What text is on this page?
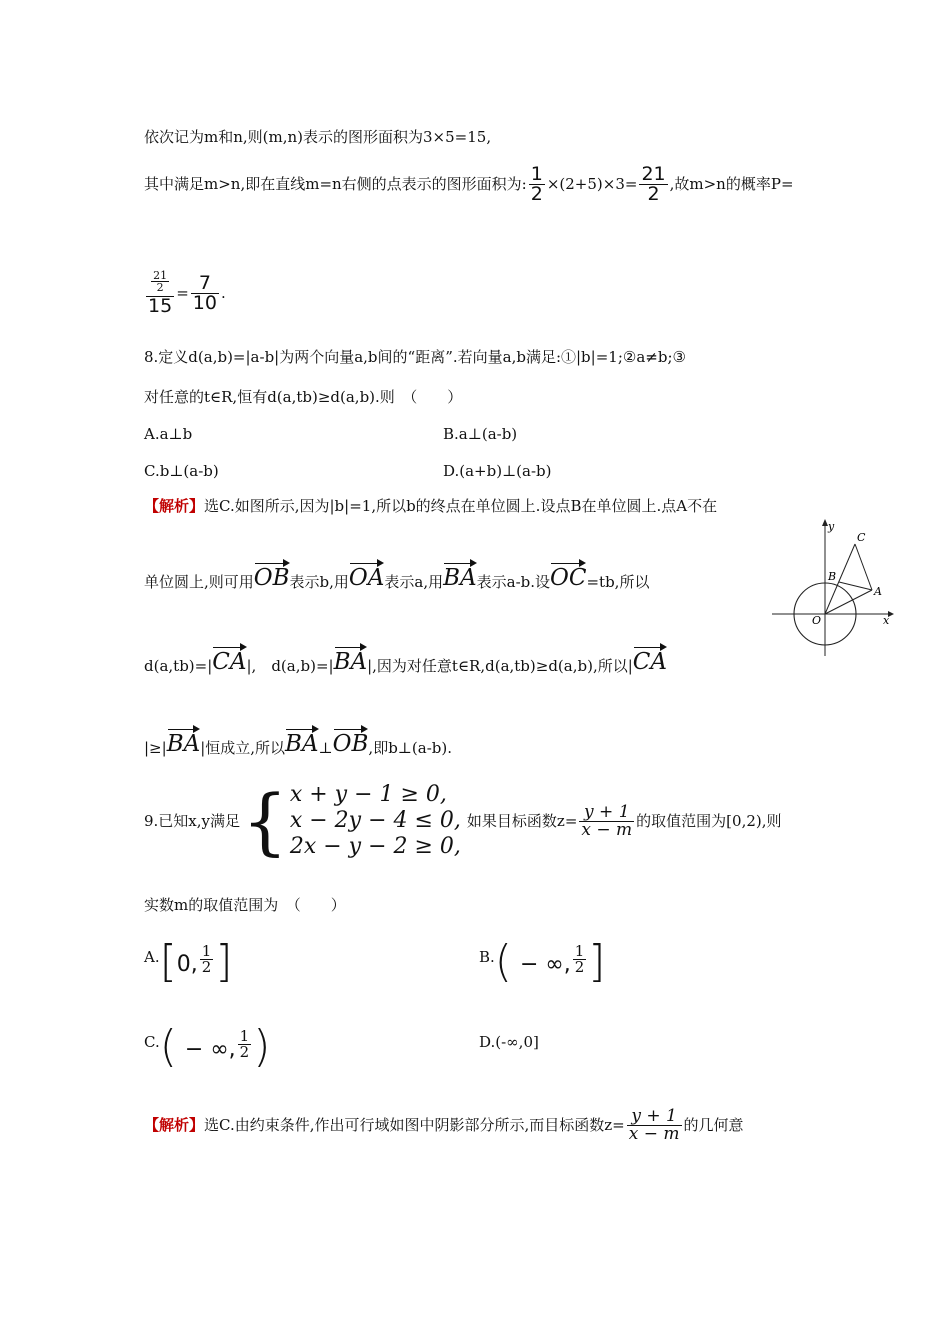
依次记为m和n,则(m,n)表示的图形面积为3×5=15,
其中满足m>n,即在直线m=n右侧的点表示的图形面积为: $\frac{1}{2} \times(2+5)\times 3= \frac{21}{2}$ ,故m>n的概率P=
$\frac{\frac{21}{2}}{15} = \frac{7}{10}$ .
8.定义d(a,b)=|a-b|为两个向量a,b间的“距离”.若向量a,b满足:①|b|=1;②a≠b;③
对任意的t∈R,恒有d(a,tb)≥d(a,b).则　（　　）
A.a⊥b	B.a⊥(a-b)
C.b⊥(a-b)	D.(a+b)⊥(a-b)
【解析】选C.如图所示,因为|b|=1,所以b的终点在单位圆上.设点B在单位圆上.点A不在
单位圆上,则可用 OB 表示b,用 OA 表示a,用 BA 表示a-b.设 OC =tb,所以
d(a,tb)=| CA |,　d(a,b)=| BA |,因为对任意t∈R,d(a,tb)≥d(a,b),所以| CA
|≥| BA |恒成立,所以 BA ⊥ OB ,即b⊥(a-b).
y
x
O
A
B
C
9.已知x,y满足 { x + y − 1 ≥ 0,
x − 2y − 4 ≤ 0,
2x − y − 2 ≥ 0,
如果目标函数$z= \frac{y + 1}{x - m}$ 的取值范围为[0,2),则
实数m的取值范围为　（　　）
A. [ 0, $\frac{1}{2}$ ]	B. ( − ∞, $\frac{1}{2}$ ]
C. ( − ∞, $\frac{1}{2}$ )	D.(-∞,0]
【解析】 选C.由约束条件,作出可行域如图中阴影部分所示,而目标函数$z= \frac{y + 1}{x - m}$ 的几何意
